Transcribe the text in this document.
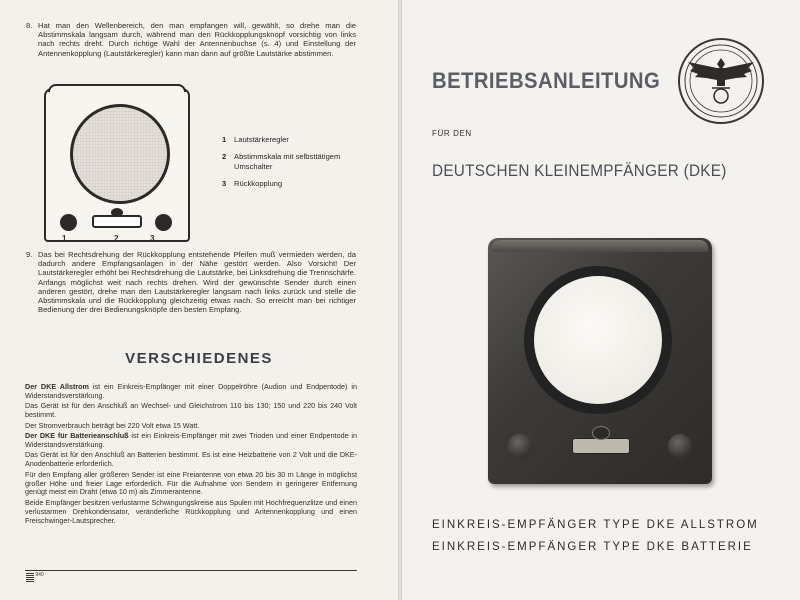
8. Hat man den Wellenbereich, den man empfangen will, gewählt, so drehe man die Abstimmskala langsam durch, während man den Rückkopplungsknopf vorsichtig von links nach rechts dreht. Durch richtige Wahl der Antennenbuchse (s. 4) und Einstellung der Antennenkopplung (Lautstärkeregler) kann man dann auf größte Lautstärke abstimmen.

1	2	3
1 Lautstärkeregler
2 Abstimmskala mit selbsttätigem Umschalter
3 Rückkopplung

9. Das bei Rechtsdrehung der Rückkopplung entstehende Pfeifen muß vermieden werden, da dadurch andere Empfangsanlagen in der Nähe gestört werden. Also Vorsicht! Der Lautstärkeregler erhöht bei Rechtsdrehung die Lautstärke, bei Linksdrehung die Trennschärfe. Anfangs möglichst weit nach rechts drehen. Wird der gewünschte Sender durch einen anderen gestört, drehe man den Lautstärkeregler langsam nach links zurück und stelle die Abstimmskala und die Rückkopplung gleichzeitig etwas nach. So erreicht man bei richtiger Bedienung der drei Bedienungsknöpfe den besten Empfang.

VERSCHIEDENES

Der DKE Allstrom ist ein Einkreis-Empfänger mit einer Doppelröhre (Audion und Endpentode) in Widerstandsverstärkung.

Das Gerät ist für den Anschluß an Wechsel- und Gleichstrom 110 bis 130; 150 und 220 bis 240 Volt bestimmt.

Der Stromverbrauch beträgt bei 220 Volt etwa 15 Watt.

Der DKE für Batterieanschluß ist ein Einkreis-Empfänger mit zwei Trioden und einer Endpentode in Widerstandsverstärkung.

Das Gerät ist für den Anschluß an Batterien bestimmt. Es ist eine Heizbatterie von 2 Volt und die DKE-Anodenbatterie erforderlich.

Für den Empfang aller größeren Sender ist eine Freiantenne von etwa 20 bis 30 m Länge in möglichst großer Höhe und freier Lage erforderlich. Für die Aufnahme von Sendern in geringerer Entfernung genügt meist ein Draht (etwa 10 m) als Zimmerantenne.

Beide Empfänger besitzen verlustarme Schwingungskreise aus Spulen mit Hochfrequenzlitze und einen verlustarmen Drehkondensator, veränderliche Rückkopplung und Antennenkopplung und einen Freischwinger-Lautsprecher.

940
BETRIEBSANLEITUNG
FÜR DEN
DEUTSCHEN KLEINEMPFÄNGER (DKE)
EINKREIS-EMPFÄNGER TYPE DKE ALLSTROM
EINKREIS-EMPFÄNGER TYPE DKE BATTERIE
